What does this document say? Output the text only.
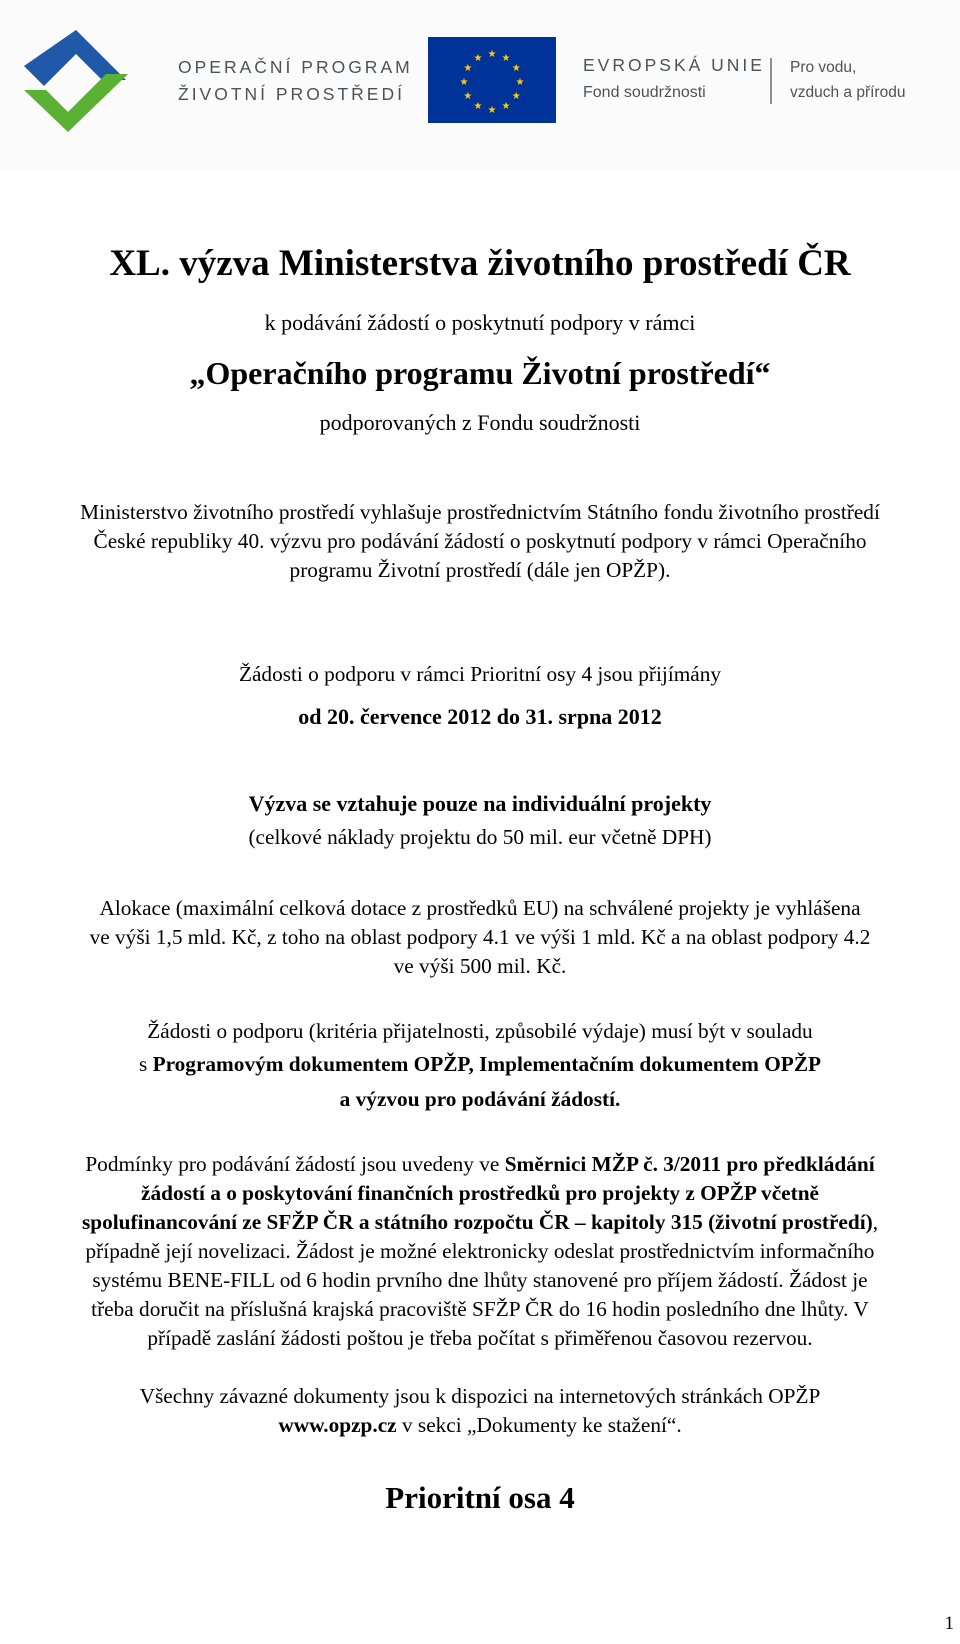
OPERAČNÍ PROGRAM
ŽIVOTNÍ PROSTŘEDÍ
★ ★
★
★
★
★
★
★
★
★
★
★	EVROPSKÁ UNIE
Fond soudržnosti
Pro vodu,
vzduch a přírodu
XL. výzva Ministerstva životního prostředí ČR
k podávání žádostí o poskytnutí podpory v rámci
„Operačního programu Životní prostředí“
podporovaných z Fondu soudržnosti
Ministerstvo životního prostředí vyhlašuje prostřednictvím Státního fondu životního prostředí
České republiky 40. výzvu pro podávání žádostí o poskytnutí podpory v rámci Operačního
programu Životní prostředí (dále jen OPŽP).
Žádosti o podporu v rámci Prioritní osy 4 jsou přijímány
od 20. července 2012 do 31. srpna 2012
Výzva se vztahuje pouze na individuální projekty
(celkové náklady projektu do 50 mil. eur včetně DPH)
Alokace (maximální celková dotace z prostředků EU) na schválené projekty je vyhlášena
ve výši 1,5 mld. Kč, z toho na oblast podpory 4.1 ve výši 1 mld. Kč a na oblast podpory 4.2
ve výši 500 mil. Kč.
Žádosti o podporu (kritéria přijatelnosti, způsobilé výdaje) musí být v souladu
s Programovým dokumentem OPŽP, Implementačním dokumentem OPŽP
a výzvou pro podávání žádostí.
Podmínky pro podávání žádostí jsou uvedeny ve Směrnici MŽP č. 3/2011 pro předkládání
žádostí a o poskytování finančních prostředků pro projekty z OPŽP včetně
spolufinancování ze SFŽP ČR a státního rozpočtu ČR – kapitoly 315 (životní prostředí),
případně její novelizaci. Žádost je možné elektronicky odeslat prostřednictvím informačního
systému BENE-FILL od 6 hodin prvního dne lhůty stanovené pro příjem žádostí. Žádost je
třeba doručit na příslušná krajská pracoviště SFŽP ČR do 16 hodin posledního dne lhůty. V
případě zaslání žádosti poštou je třeba počítat s přiměřenou časovou rezervou.
Všechny závazné dokumenty jsou k dispozici na internetových stránkách OPŽP
www.opzp.cz v sekci „Dokumenty ke stažení“.
Prioritní osa 4
1
